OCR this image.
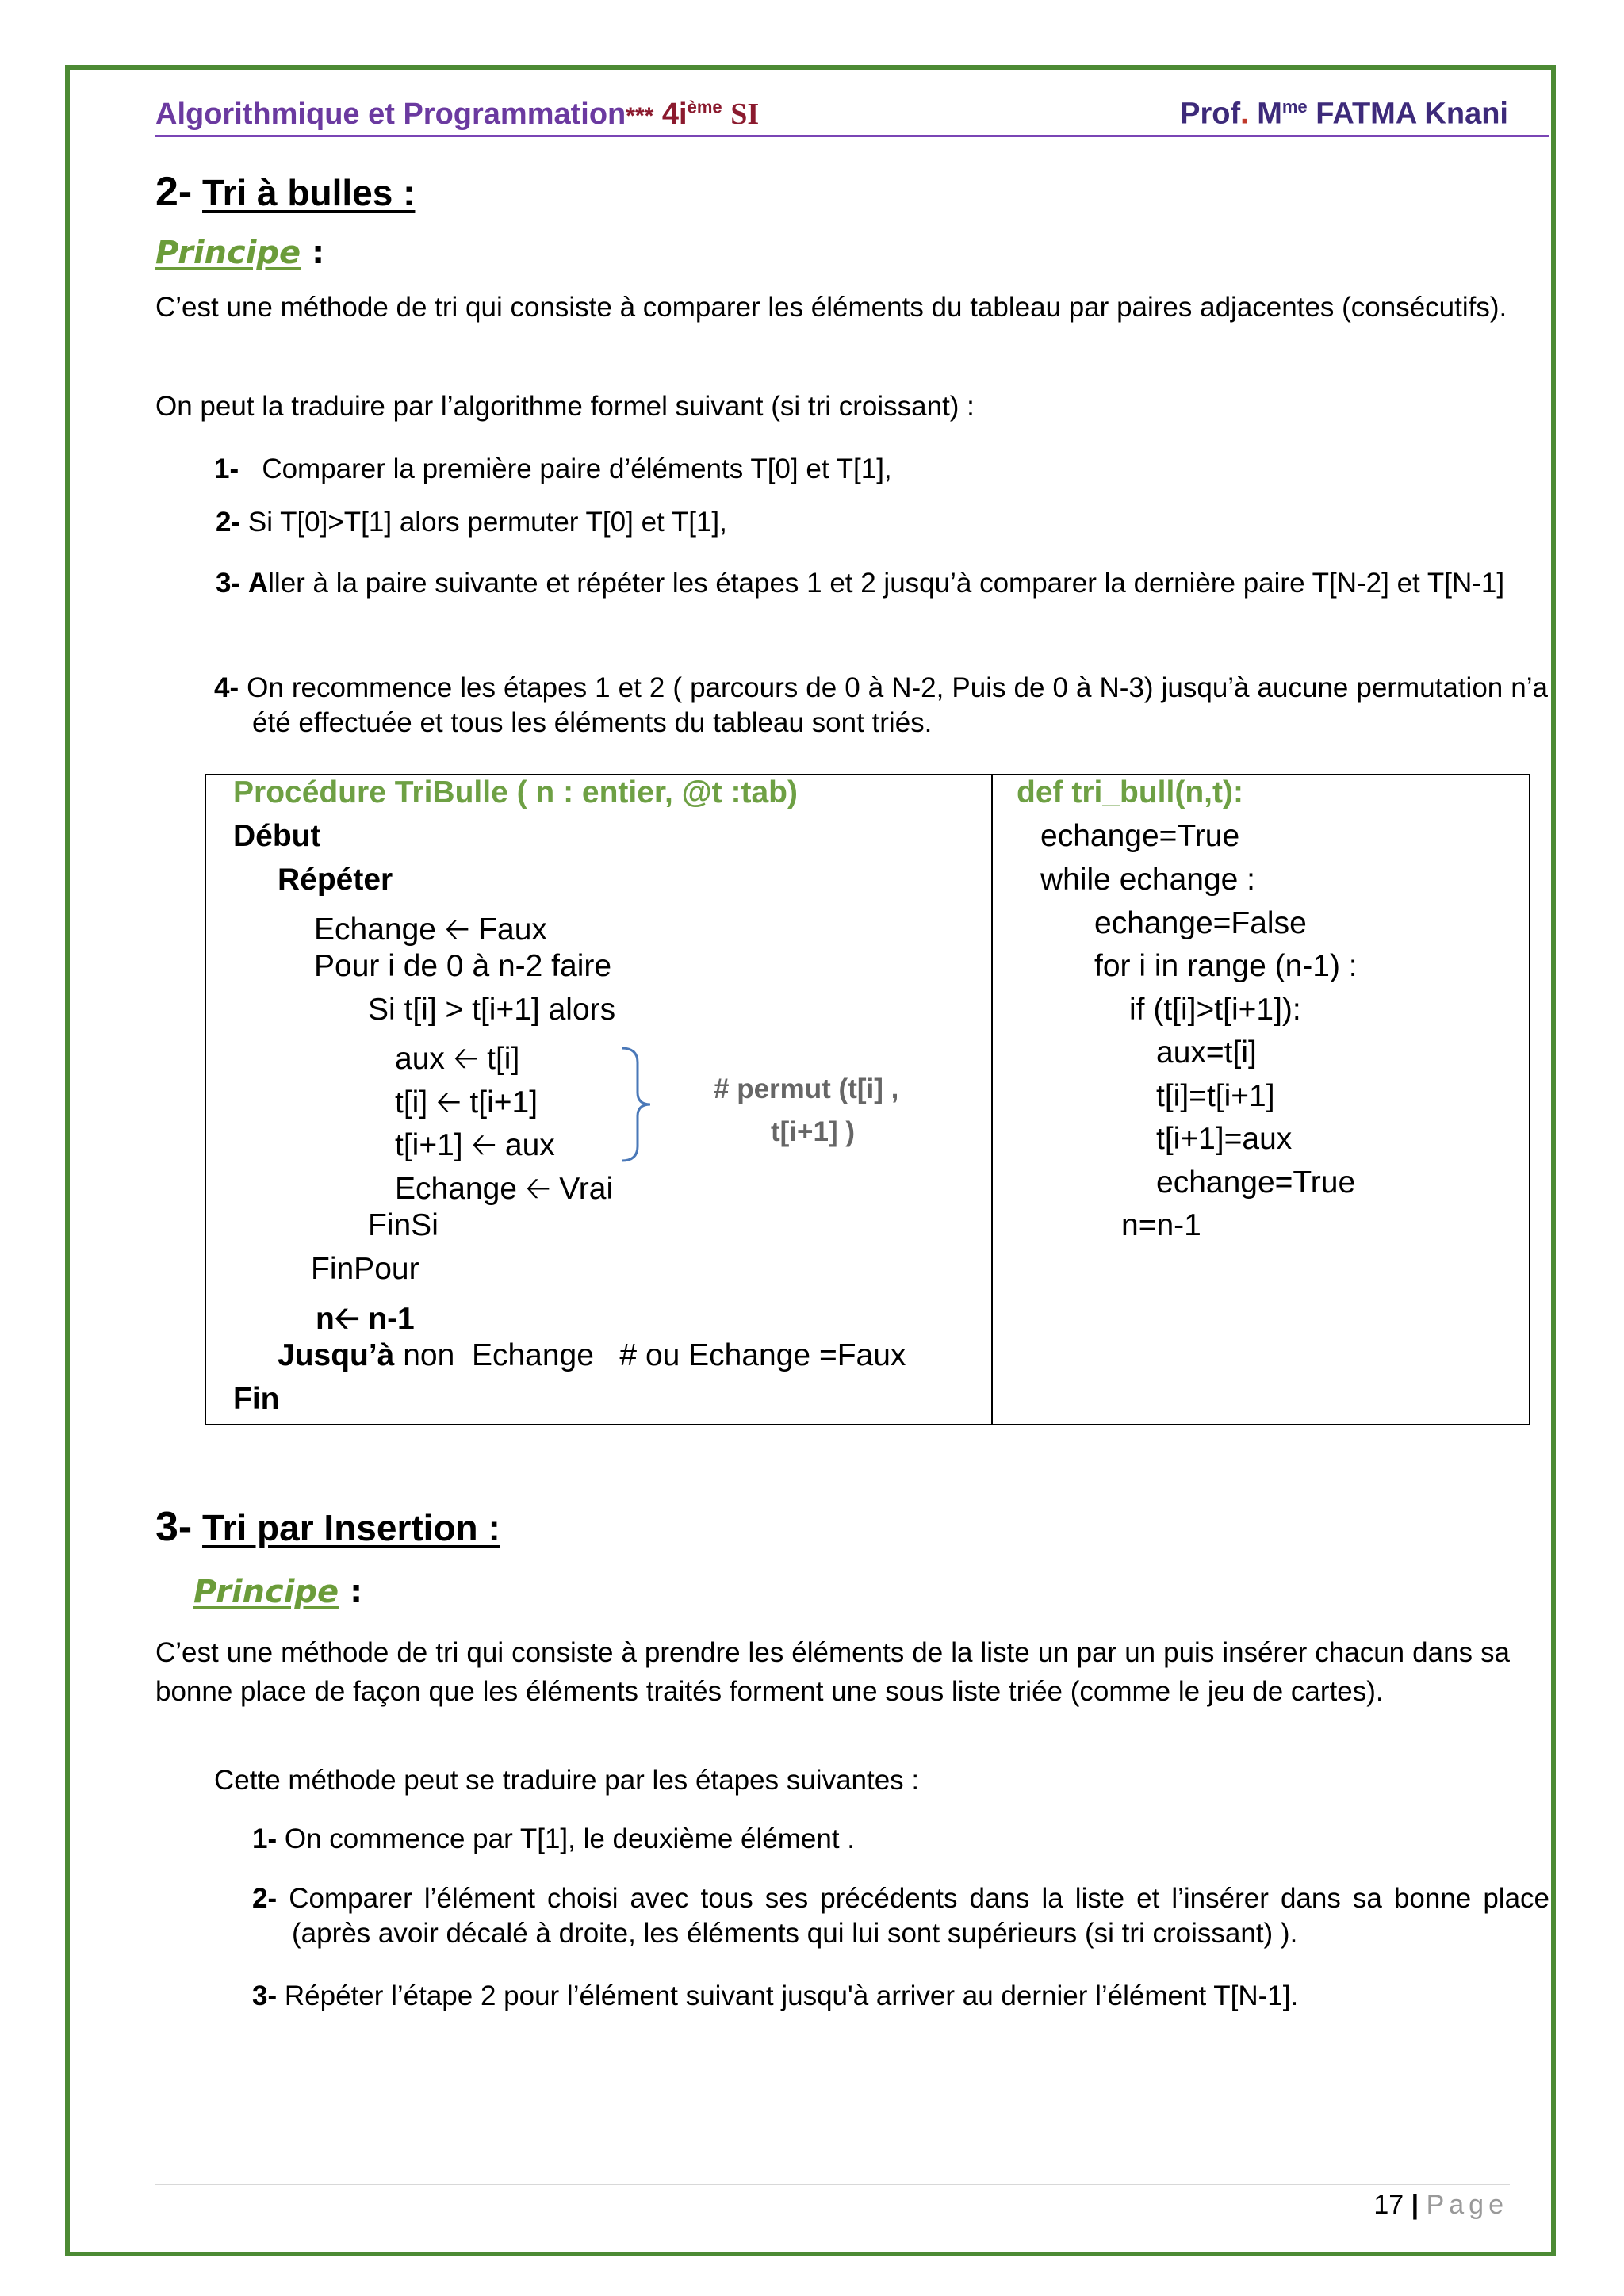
Algorithmique et Programmation*** $4i^{ème}$ SI	Prof. $M^{me}$ FATMA Knani
2- Tri à bulles :
Principe :
C’est une méthode de tri qui consiste à comparer les éléments du tableau par paires adjacentes (consécutifs).
On peut la traduire par l’algorithme formel suivant (si tri croissant) :
1- Comparer la première paire d’éléments T[0] et T[1],
2- Si T[0]>T[1] alors permuter T[0] et T[1],
3- Aller à la paire suivante et répéter les étapes 1 et 2 jusqu’à comparer la dernière paire T[N-2] et T[N-1]
4- On recommence les étapes 1 et 2 ( parcours de 0 à N-2, Puis de 0 à N-3) jusqu’à aucune permutation n’a été effectuée et tous les éléments du tableau sont triés.
Procédure TriBulle ( n : entier, @t :tab)
Début
Répéter
Echange 🡠 Faux
Pour i de 0 à n-2 faire
Si t[i] > t[i+1] alors
aux 🡠 t[i]
t[i] 🡠 t[i+1]
t[i+1] 🡠 aux
Echange 🡠 Vrai
FinSi
FinPour
n🡠 n-1
Jusqu’à non  Echange   # ou Echange =Faux
Fin
# permut (t[i] ,
t[i+1] )
def tri_bull(n,t):
echange=True
while echange :
echange=False
for i in range (n-1) :
if (t[i]>t[i+1]):
aux=t[i]
t[i]=t[i+1]
t[i+1]=aux
echange=True
n=n-1
3- Tri par Insertion :
Principe :
C’est une méthode de tri qui consiste à prendre les éléments de la liste un par un puis insérer chacun dans sa bonne place de façon que les éléments traités forment une sous liste triée (comme le jeu de cartes).
Cette méthode peut se traduire par les étapes suivantes :
1- On commence par T[1], le deuxième élément .
2- Comparer l’élément choisi avec tous ses précédents dans la liste et l’insérer dans sa bonne place (après avoir décalé à droite, les éléments qui lui sont supérieurs (si tri croissant) ).
3- Répéter l’étape 2 pour l’élément suivant jusqu'à arriver au dernier l’élément T[N-1].
17 | Page
